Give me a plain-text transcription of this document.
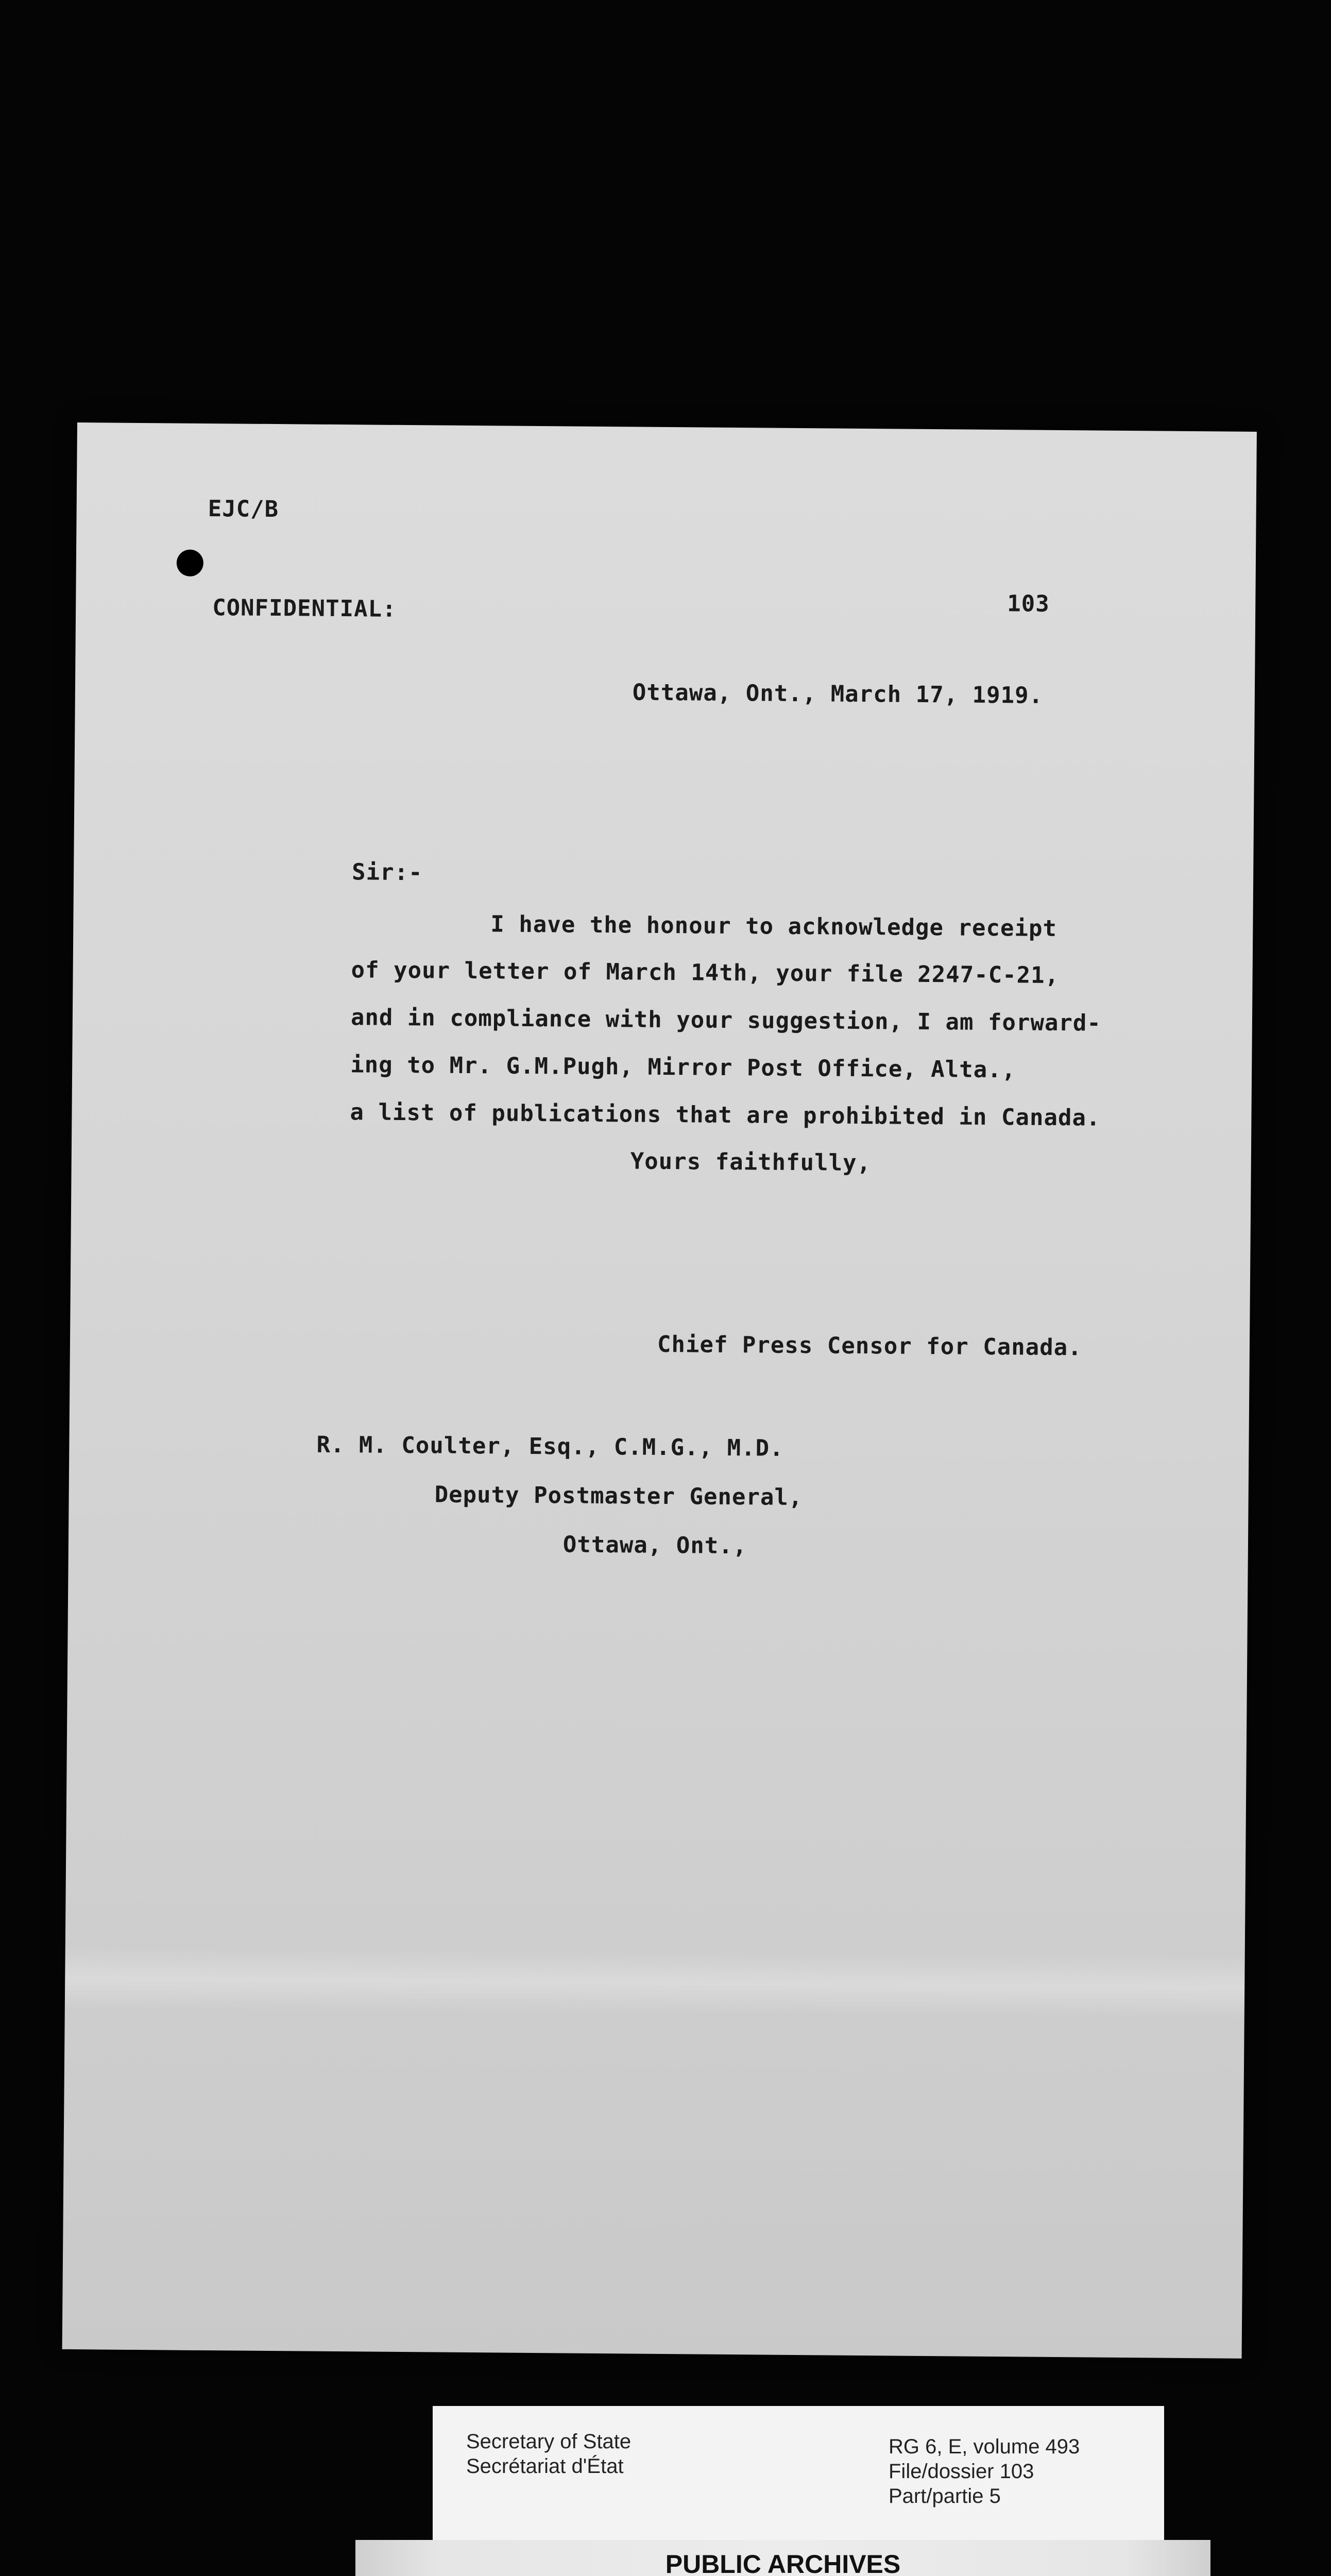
EJC/B
CONFIDENTIAL:	103
Ottawa, Ont., March 17, 1919.
Sir:-
I have the honour to acknowledge receipt
of your letter of March 14th, your file 2247-C-21,
and in compliance with your suggestion, I am forward-
ing to Mr. G.M.Pugh, Mirror Post Office, Alta.,
a list of publications that are prohibited in Canada.
Yours faithfully,
Chief Press Censor for Canada.
R. M. Coulter, Esq., C.M.G., M.D.
Deputy Postmaster General,
Ottawa, Ont.,
Secretary of State
Secrétariat d'État
RG 6, E, volume 493
File/dossier 103
Part/partie 5
PUBLIC ARCHIVES
